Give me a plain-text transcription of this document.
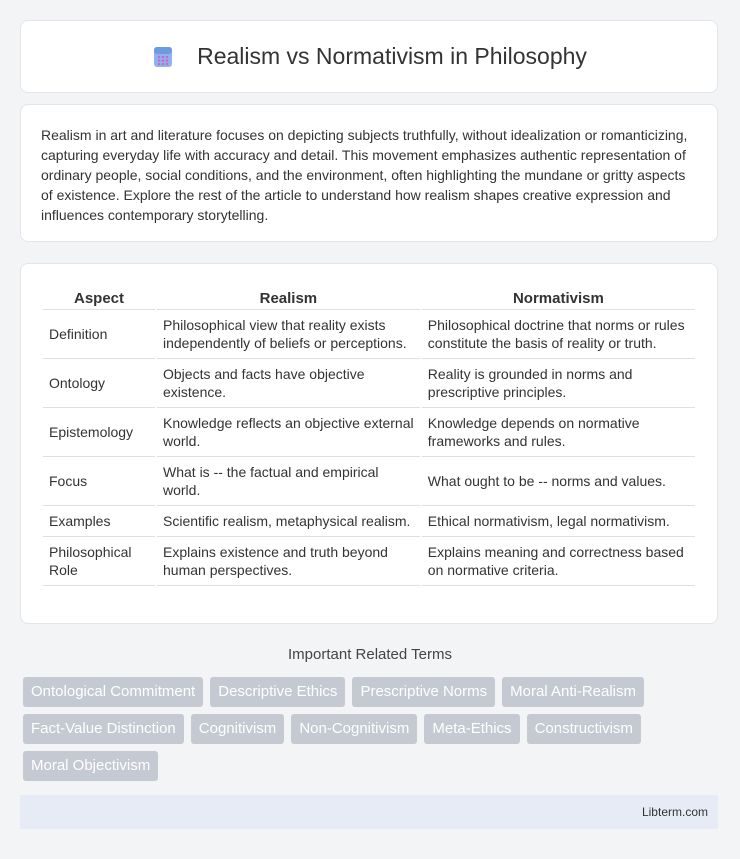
Realism vs Normativism in Philosophy

Realism in art and literature focuses on depicting subjects truthfully, without idealization or romanticizing, capturing everyday life with accuracy and detail. This movement emphasizes authentic representation of ordinary people, social conditions, and the environment, often highlighting the mundane or gritty aspects of existence. Explore the rest of the article to understand how realism shapes creative expression and influences contemporary storytelling.

Aspect	Realism	Normativism
Definition	Philosophical view that reality exists independently of beliefs or perceptions.	Philosophical doctrine that norms or rules constitute the basis of reality or truth.
Ontology	Objects and facts have objective existence.	Reality is grounded in norms and prescriptive principles.
Epistemology	Knowledge reflects an objective external world.	Knowledge depends on normative frameworks and rules.
Focus	What is -- the factual and empirical world.	What ought to be -- norms and values.
Examples	Scientific realism, metaphysical realism.	Ethical normativism, legal normativism.
Philosophical Role	Explains existence and truth beyond human perspectives.	Explains meaning and correctness based on normative criteria.
Important Related Terms
Ontological Commitment	Descriptive Ethics	Prescriptive Norms	Moral Anti-Realism
Fact-Value Distinction	Cognitivism	Non-Cognitivism	Meta-Ethics	Constructivism
Moral Objectivism
Libterm.com
